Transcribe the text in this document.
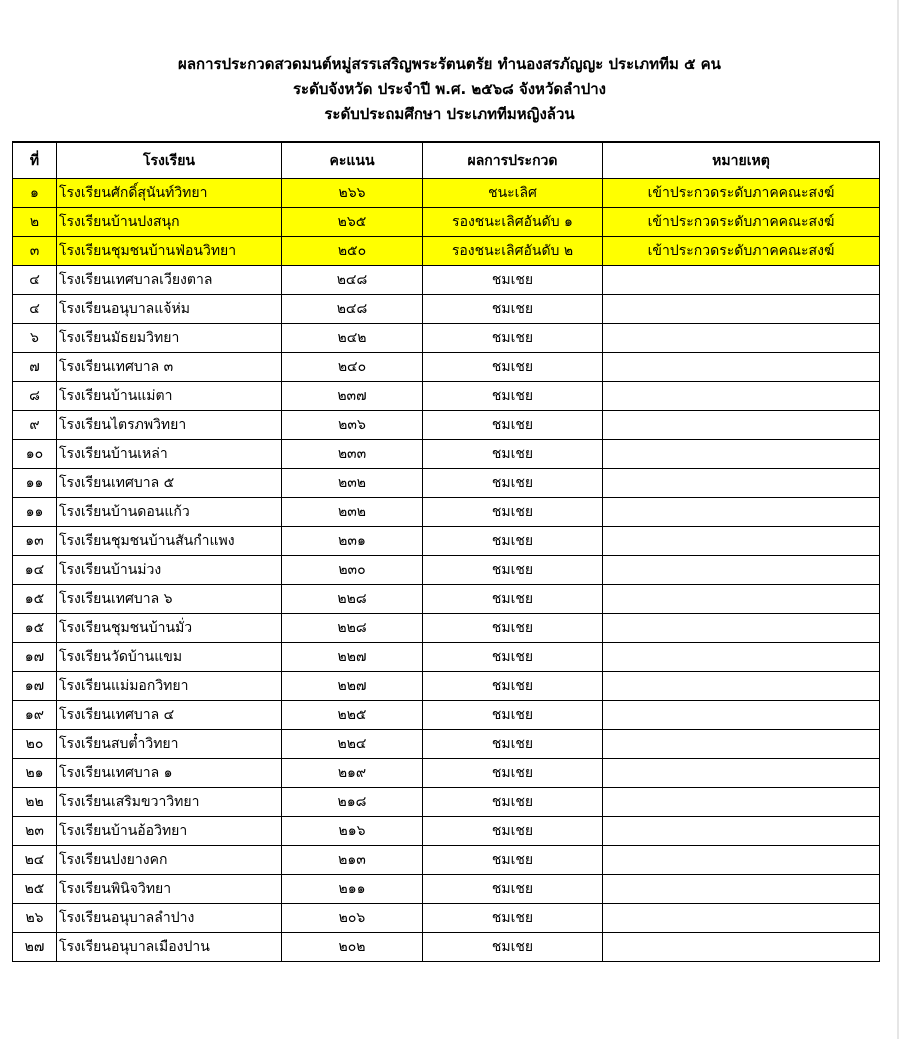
ผลการประกวดสวดมนต์หมู่สรรเสริญพระรัตนตรัย ทำนองสรภัญญะ ประเภททีม ๕ คน
ระดับจังหวัด ประจำปี พ.ศ. ๒๕๖๘ จังหวัดลำปาง
ระดับประถมศึกษา ประเภททีมหญิงล้วน
ที่	โรงเรียน	คะแนน	ผลการประกวด	หมายเหตุ
๑	โรงเรียนศักดิ์สุนันท์วิทยา	๒๖๖	ชนะเลิศ	เข้าประกวดระดับภาคคณะสงฆ์
๒	โรงเรียนบ้านปงสนุก	๒๖๕	รองชนะเลิศอันดับ ๑	เข้าประกวดระดับภาคคณะสงฆ์
๓	โรงเรียนชุมชนบ้านฟ่อนวิทยา	๒๕๐	รองชนะเลิศอันดับ ๒	เข้าประกวดระดับภาคคณะสงฆ์
๔	โรงเรียนเทศบาลเวียงตาล	๒๔๘	ชมเชย	
๔	โรงเรียนอนุบาลแจ้ห่ม	๒๔๘	ชมเชย	
๖	โรงเรียนมัธยมวิทยา	๒๔๒	ชมเชย	
๗	โรงเรียนเทศบาล ๓	๒๔๐	ชมเชย	
๘	โรงเรียนบ้านแม่ตา	๒๓๗	ชมเชย	
๙	โรงเรียนไตรภพวิทยา	๒๓๖	ชมเชย	
๑๐	โรงเรียนบ้านเหล่า	๒๓๓	ชมเชย	
๑๑	โรงเรียนเทศบาล ๕	๒๓๒	ชมเชย	
๑๑	โรงเรียนบ้านดอนแก้ว	๒๓๒	ชมเชย	
๑๓	โรงเรียนชุมชนบ้านสันกำแพง	๒๓๑	ชมเชย	
๑๔	โรงเรียนบ้านม่วง	๒๓๐	ชมเชย	
๑๕	โรงเรียนเทศบาล ๖	๒๒๘	ชมเชย	
๑๕	โรงเรียนชุมชนบ้านมั่ว	๒๒๘	ชมเชย	
๑๗	โรงเรียนวัดบ้านแขม	๒๒๗	ชมเชย	
๑๗	โรงเรียนแม่มอกวิทยา	๒๒๗	ชมเชย	
๑๙	โรงเรียนเทศบาล ๔	๒๒๕	ชมเชย	
๒๐	โรงเรียนสบต๋ำวิทยา	๒๒๔	ชมเชย	
๒๑	โรงเรียนเทศบาล ๑	๒๑๙	ชมเชย	
๒๒	โรงเรียนเสริมขวาวิทยา	๒๑๘	ชมเชย	
๒๓	โรงเรียนบ้านอ้อวิทยา	๒๑๖	ชมเชย	
๒๔	โรงเรียนปงยางคก	๒๑๓	ชมเชย	
๒๕	โรงเรียนพินิจวิทยา	๒๑๑	ชมเชย	
๒๖	โรงเรียนอนุบาลลำปาง	๒๐๖	ชมเชย	
๒๗	โรงเรียนอนุบาลเมืองปาน	๒๐๒	ชมเชย	
